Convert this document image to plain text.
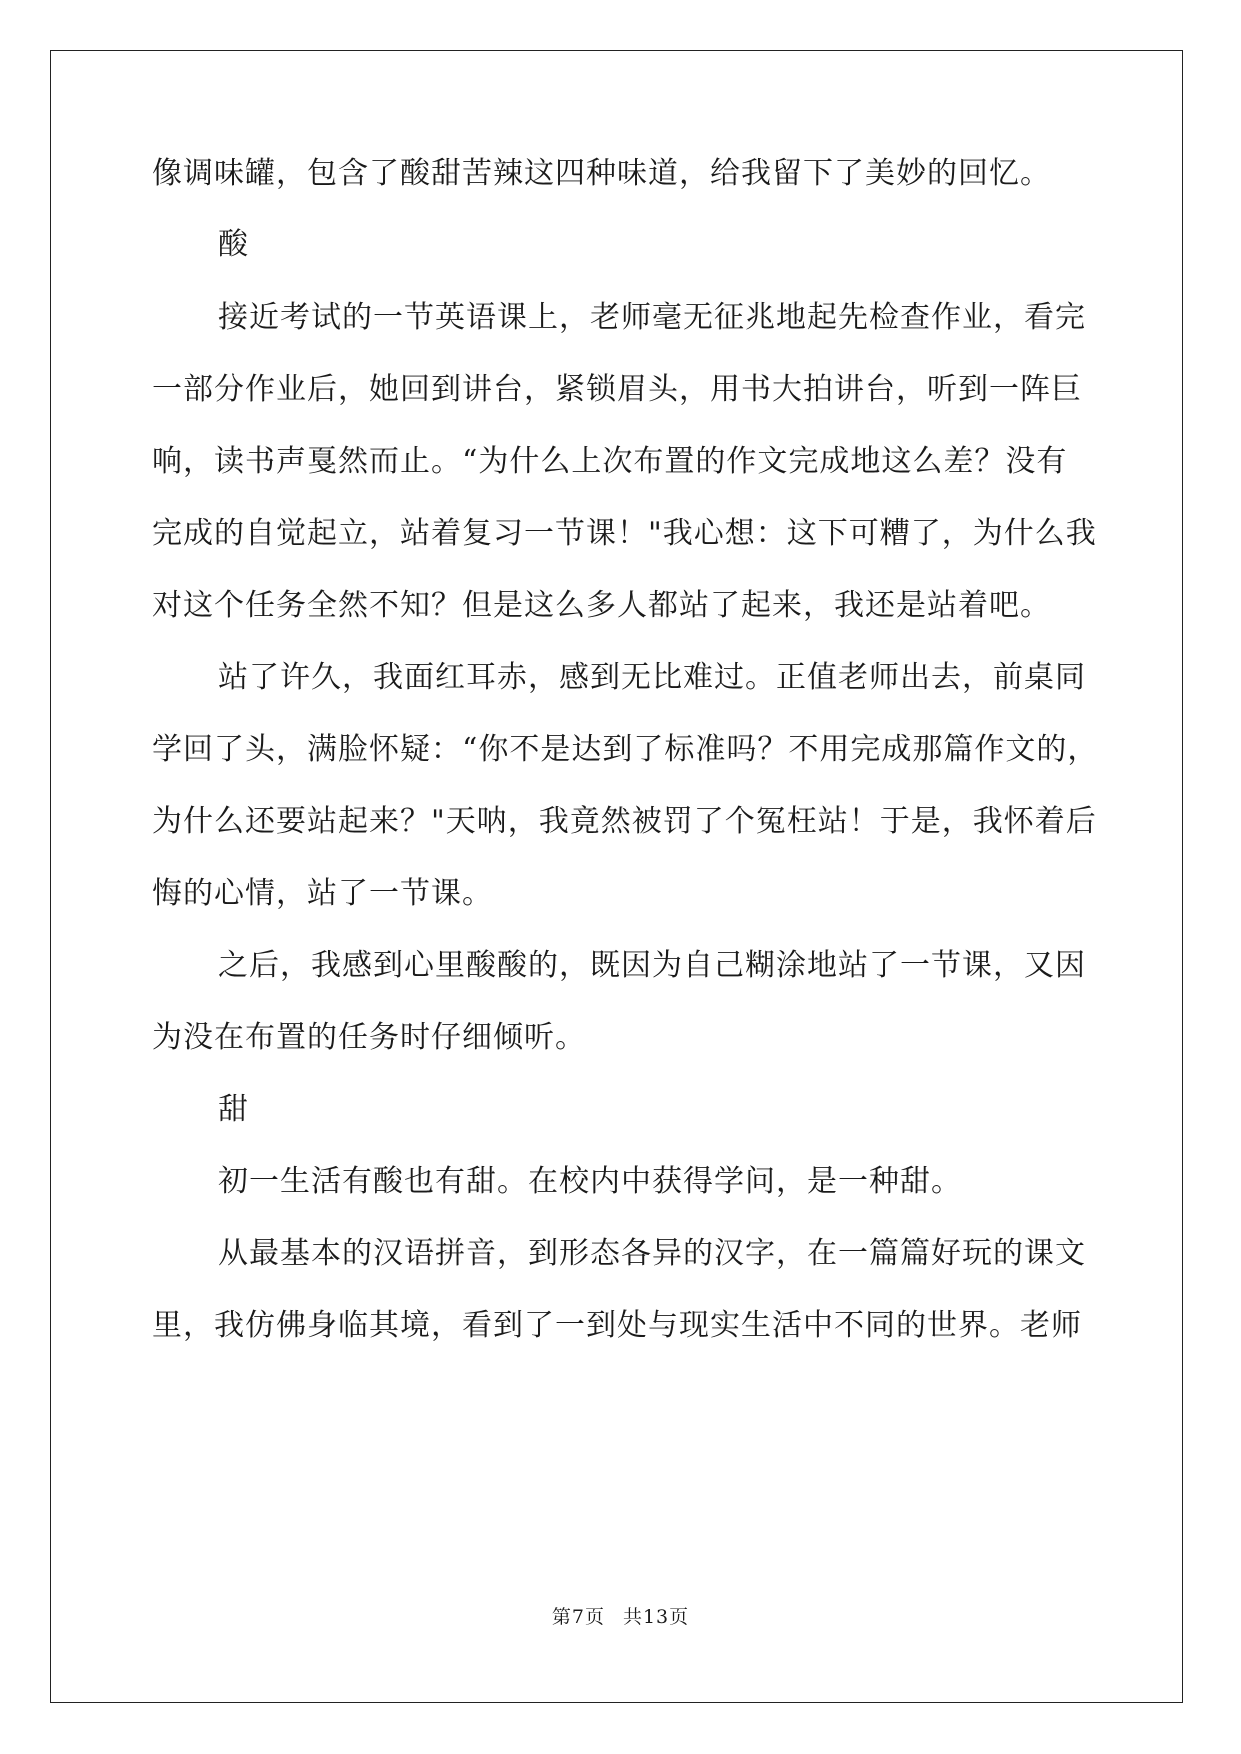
像调味罐，包含了酸甜苦辣这四种味道，给我留下了美妙的回忆。
酸
接近考试的一节英语课上，老师毫无征兆地起先检查作业，看完
一部分作业后，她回到讲台，紧锁眉头，用书大拍讲台，听到一阵巨
响，读书声戛然而止。“为什么上次布置的作文完成地这么差？没有
完成的自觉起立，站着复习一节课！"我心想：这下可糟了，为什么我
对这个任务全然不知？但是这么多人都站了起来，我还是站着吧。
站了许久，我面红耳赤，感到无比难过。正值老师出去，前桌同
学回了头，满脸怀疑：“你不是达到了标准吗？不用完成那篇作文的，
为什么还要站起来？"天呐，我竟然被罚了个冤枉站！于是，我怀着后
悔的心情，站了一节课。
之后，我感到心里酸酸的，既因为自己糊涂地站了一节课，又因
为没在布置的任务时仔细倾听。
甜
初一生活有酸也有甜。在校内中获得学问，是一种甜。
从最基本的汉语拼音，到形态各异的汉字，在一篇篇好玩的课文
里，我仿佛身临其境，看到了一到处与现实生活中不同的世界。老师
第7页 共13页
